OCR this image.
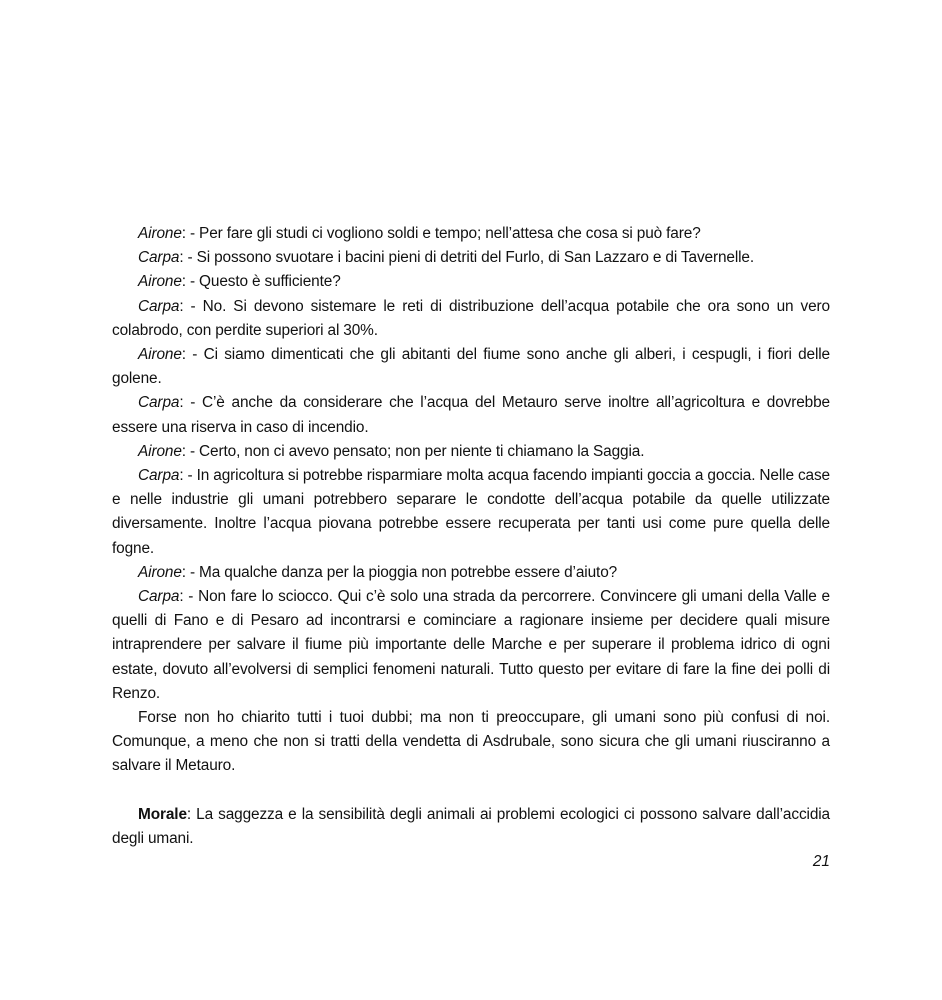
Airone: - Per fare gli studi ci vogliono soldi e tempo; nell’attesa che cosa si può fare?

Carpa: - Si possono svuotare i bacini pieni di detriti del Furlo, di San Lazzaro e di Tavernelle.

Airone: - Questo è sufficiente?

Carpa: - No. Si devono sistemare le reti di distribuzione dell’acqua potabile che ora sono un vero colabrodo, con perdite superiori al 30%.

Airone: - Ci siamo dimenticati che gli abitanti del fiume sono anche gli alberi, i cespugli, i fiori delle golene.

Carpa: - C’è anche da considerare che l’acqua del Metauro serve inoltre all’agricoltura e dovrebbe essere una riserva in caso di incendio.

Airone: - Certo, non ci avevo pensato; non per niente ti chiamano la Saggia.

Carpa: - In agricoltura si potrebbe risparmiare molta acqua facendo impianti goccia a goccia. Nelle case e nelle industrie gli umani potrebbero separare le condotte dell’acqua potabile da quelle utilizzate diversamente. Inoltre l’acqua piovana potrebbe essere recuperata per tanti usi come pure quella delle fogne.

Airone: - Ma qualche danza per la pioggia non potrebbe essere d’aiuto?

Carpa: - Non fare lo sciocco. Qui c’è solo una strada da percorrere. Convincere gli umani della Valle e quelli di Fano e di Pesaro ad incontrarsi e cominciare a ragionare insieme per decidere quali misure intraprendere per salvare il fiume più importante delle Marche e per superare il problema idrico di ogni estate, dovuto all’evolversi di semplici fenomeni naturali. Tutto questo per evitare di fare la fine dei polli di Renzo.

Forse non ho chiarito tutti i tuoi dubbi; ma non ti preoccupare, gli umani sono più confusi di noi. Comunque, a meno che non si tratti della vendetta di Asdrubale, sono sicura che gli umani riusciranno a salvare il Metauro.

Morale: La saggezza e la sensibilità degli animali ai problemi ecologici ci possono salvare dall’accidia degli umani.

21
